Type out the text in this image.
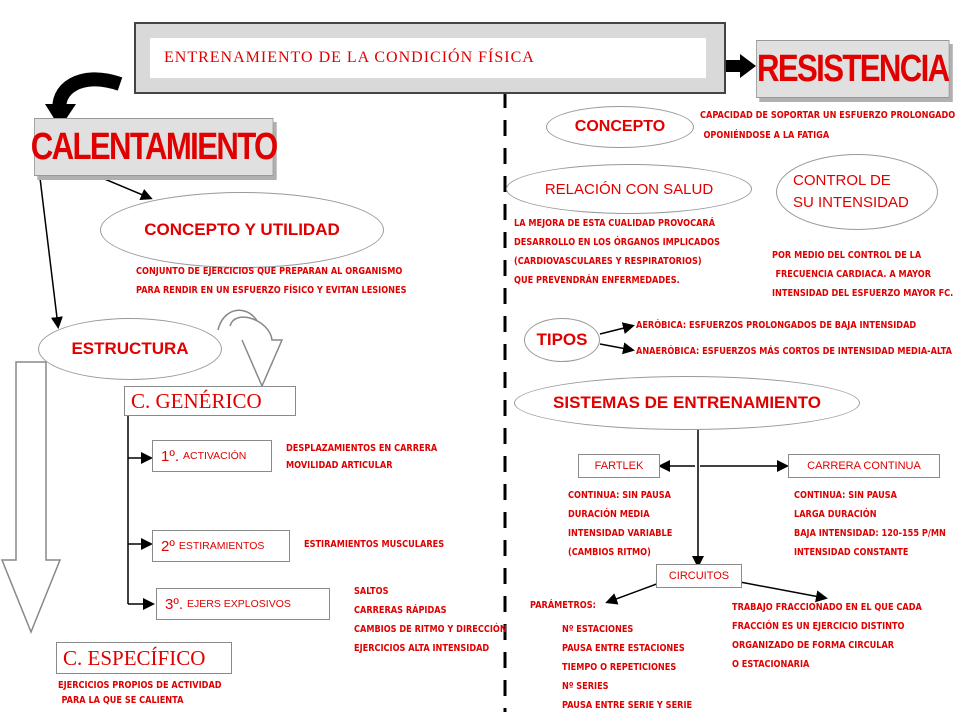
ENTRENAMIENTO DE LA CONDICIÓN FÍSICA	RESISTENCIA
CALENTAMIENTO
CONCEPTO Y UTILIDAD
CONJUNTO DE EJERCICIOS QUE PREPARAN AL ORGANISMO
PARA RENDIR EN UN ESFUERZO FÍSICO Y EVITAN LESIONES
ESTRUCTURA
C. GENÉRICO
1º. ACTIVACIÓN
DESPLAZAMIENTOS EN CARRERA
MOVILIDAD ARTICULAR
2º ESTIRAMIENTOS	ESTIRAMIENTOS MUSCULARES
3º. EJERS EXPLOSIVOS
SALTOS
CARRERAS RÁPIDAS
CAMBIOS DE RITMO Y DIRECCIÓN
EJERCICIOS ALTA INTENSIDAD
C. ESPECÍFICO
EJERCICIOS PROPIOS DE ACTIVIDAD
PARA LA QUE SE CALIENTA
CONCEPTO
CAPACIDAD DE SOPORTAR UN ESFUERZO PROLONGADO
OPONIÉNDOSE A LA FATIGA
RELACIÓN CON SALUD
LA MEJORA DE ESTA CUALIDAD PROVOCARÁ
DESARROLLO EN LOS ÓRGANOS IMPLICADOS
(CARDIOVASCULARES Y RESPIRATORIOS)
QUE PREVENDRÁN ENFERMEDADES.
CONTROL DE
SU INTENSIDAD
POR MEDIO DEL CONTROL DE LA
FRECUENCIA CARDIACA. A MAYOR
INTENSIDAD DEL ESFUERZO MAYOR FC.
TIPOS
AERÓBICA: ESFUERZOS PROLONGADOS DE BAJA INTENSIDAD
ANAERÓBICA: ESFUERZOS MÁS CORTOS DE INTENSIDAD MEDIA-ALTA
SISTEMAS DE ENTRENAMIENTO
FARTLEK	CARRERA CONTINUA
CONTINUA: SIN PAUSA
DURACIÓN MEDIA
INTENSIDAD VARIABLE
(CAMBIOS RITMO)
CONTINUA: SIN PAUSA
LARGA DURACIÓN
BAJA INTENSIDAD: 120-155 P/MN
INTENSIDAD CONSTANTE
CIRCUITOS
PARÁMETROS:
Nº ESTACIONES
PAUSA ENTRE ESTACIONES
TIEMPO O REPETICIONES
Nº SERIES
PAUSA ENTRE SERIE Y SERIE
TRABAJO FRACCIONADO EN EL QUE CADA
FRACCIÓN ES UN EJERCICIO DISTINTO
ORGANIZADO DE FORMA CIRCULAR
O ESTACIONARIA
